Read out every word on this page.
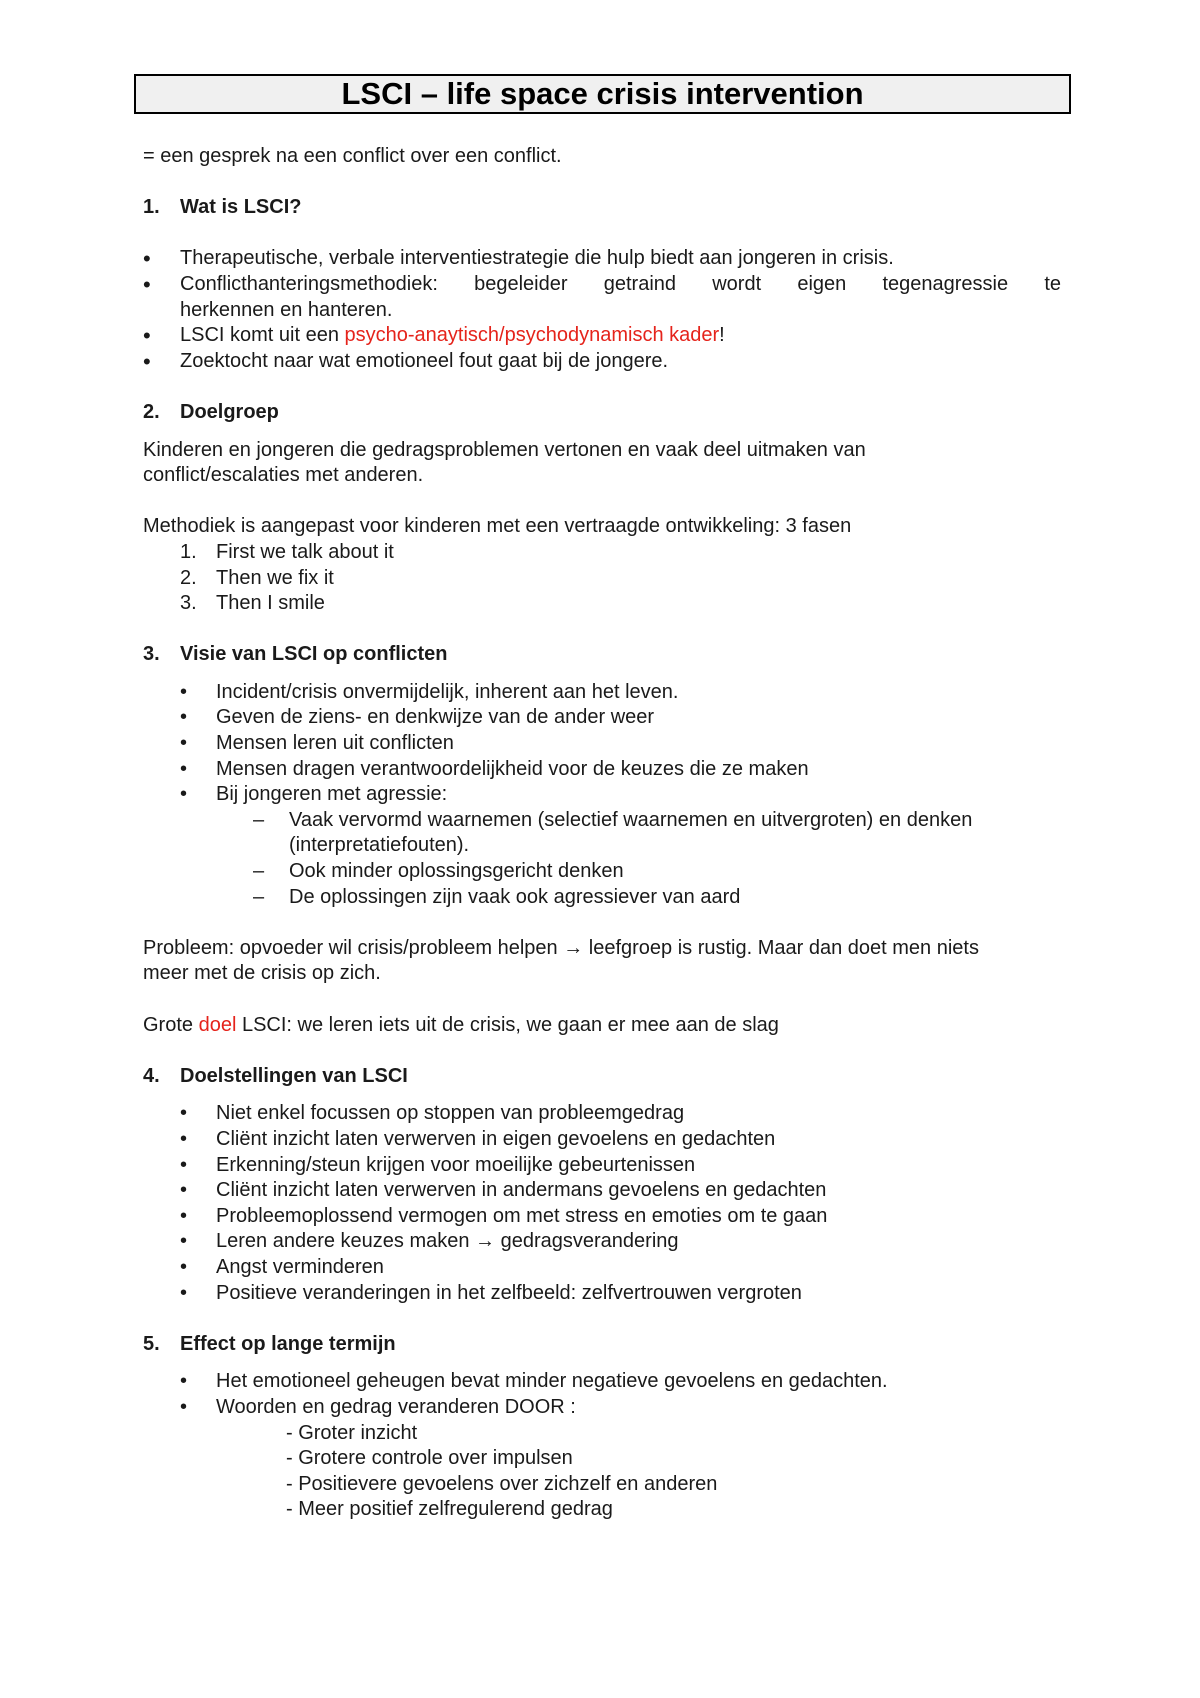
LSCI – life space crisis intervention

= een gesprek na een conflict over een conflict.

1.	Wat is LSCI?
•	Therapeutische, verbale interventiestrategie die hulp biedt aan jongeren in crisis.
•	Conflicthanteringsmethodiek: begeleider getraind wordt eigen tegenagressie te
herkennen en hanteren.
•	LSCI komt uit een psycho-anaytisch/psychodynamisch kader!
•	Zoektocht naar wat emotioneel fout gaat bij de jongere.
2.	Doelgroep

Kinderen en jongeren die gedragsproblemen vertonen en vaak deel uitmaken van conflict/escalaties met anderen.

Methodiek is aangepast voor kinderen met een vertraagde ontwikkeling: 3 fasen

1. First we talk about it
2. Then we fix it
3. Then I smile
3.	Visie van LSCI op conflicten
•	Incident/crisis onvermijdelijk, inherent aan het leven.
•	Geven de ziens- en denkwijze van de ander weer
•	Mensen leren uit conflicten
•	Mensen dragen verantwoordelijkheid voor de keuzes die ze maken
•	Bij jongeren met agressie:
–	Vaak vervormd waarnemen (selectief waarnemen en uitvergroten) en denken (interpretatiefouten).
–	Ook minder oplossingsgericht denken
–	De oplossingen zijn vaak ook agressiever van aard

Probleem: opvoeder wil crisis/probleem helpen → leefgroep is rustig. Maar dan doet men niets meer met de crisis op zich.

Grote doel LSCI: we leren iets uit de crisis, we gaan er mee aan de slag

4.	Doelstellingen van LSCI
•	Niet enkel focussen op stoppen van probleemgedrag
•	Cliënt inzicht laten verwerven in eigen gevoelens en gedachten
•	Erkenning/steun krijgen voor moeilijke gebeurtenissen
•	Cliënt inzicht laten verwerven in andermans gevoelens en gedachten
•	Probleemoplossend vermogen om met stress en emoties om te gaan
•	Leren andere keuzes maken → gedragsverandering
•	Angst verminderen
•	Positieve veranderingen in het zelfbeeld: zelfvertrouwen vergroten
5.	Effect op lange termijn
•	Het emotioneel geheugen bevat minder negatieve gevoelens en gedachten.
•	Woorden en gedrag veranderen DOOR :
- Groter inzicht
- Grotere controle over impulsen
- Positievere gevoelens over zichzelf en anderen
- Meer positief zelfregulerend gedrag
